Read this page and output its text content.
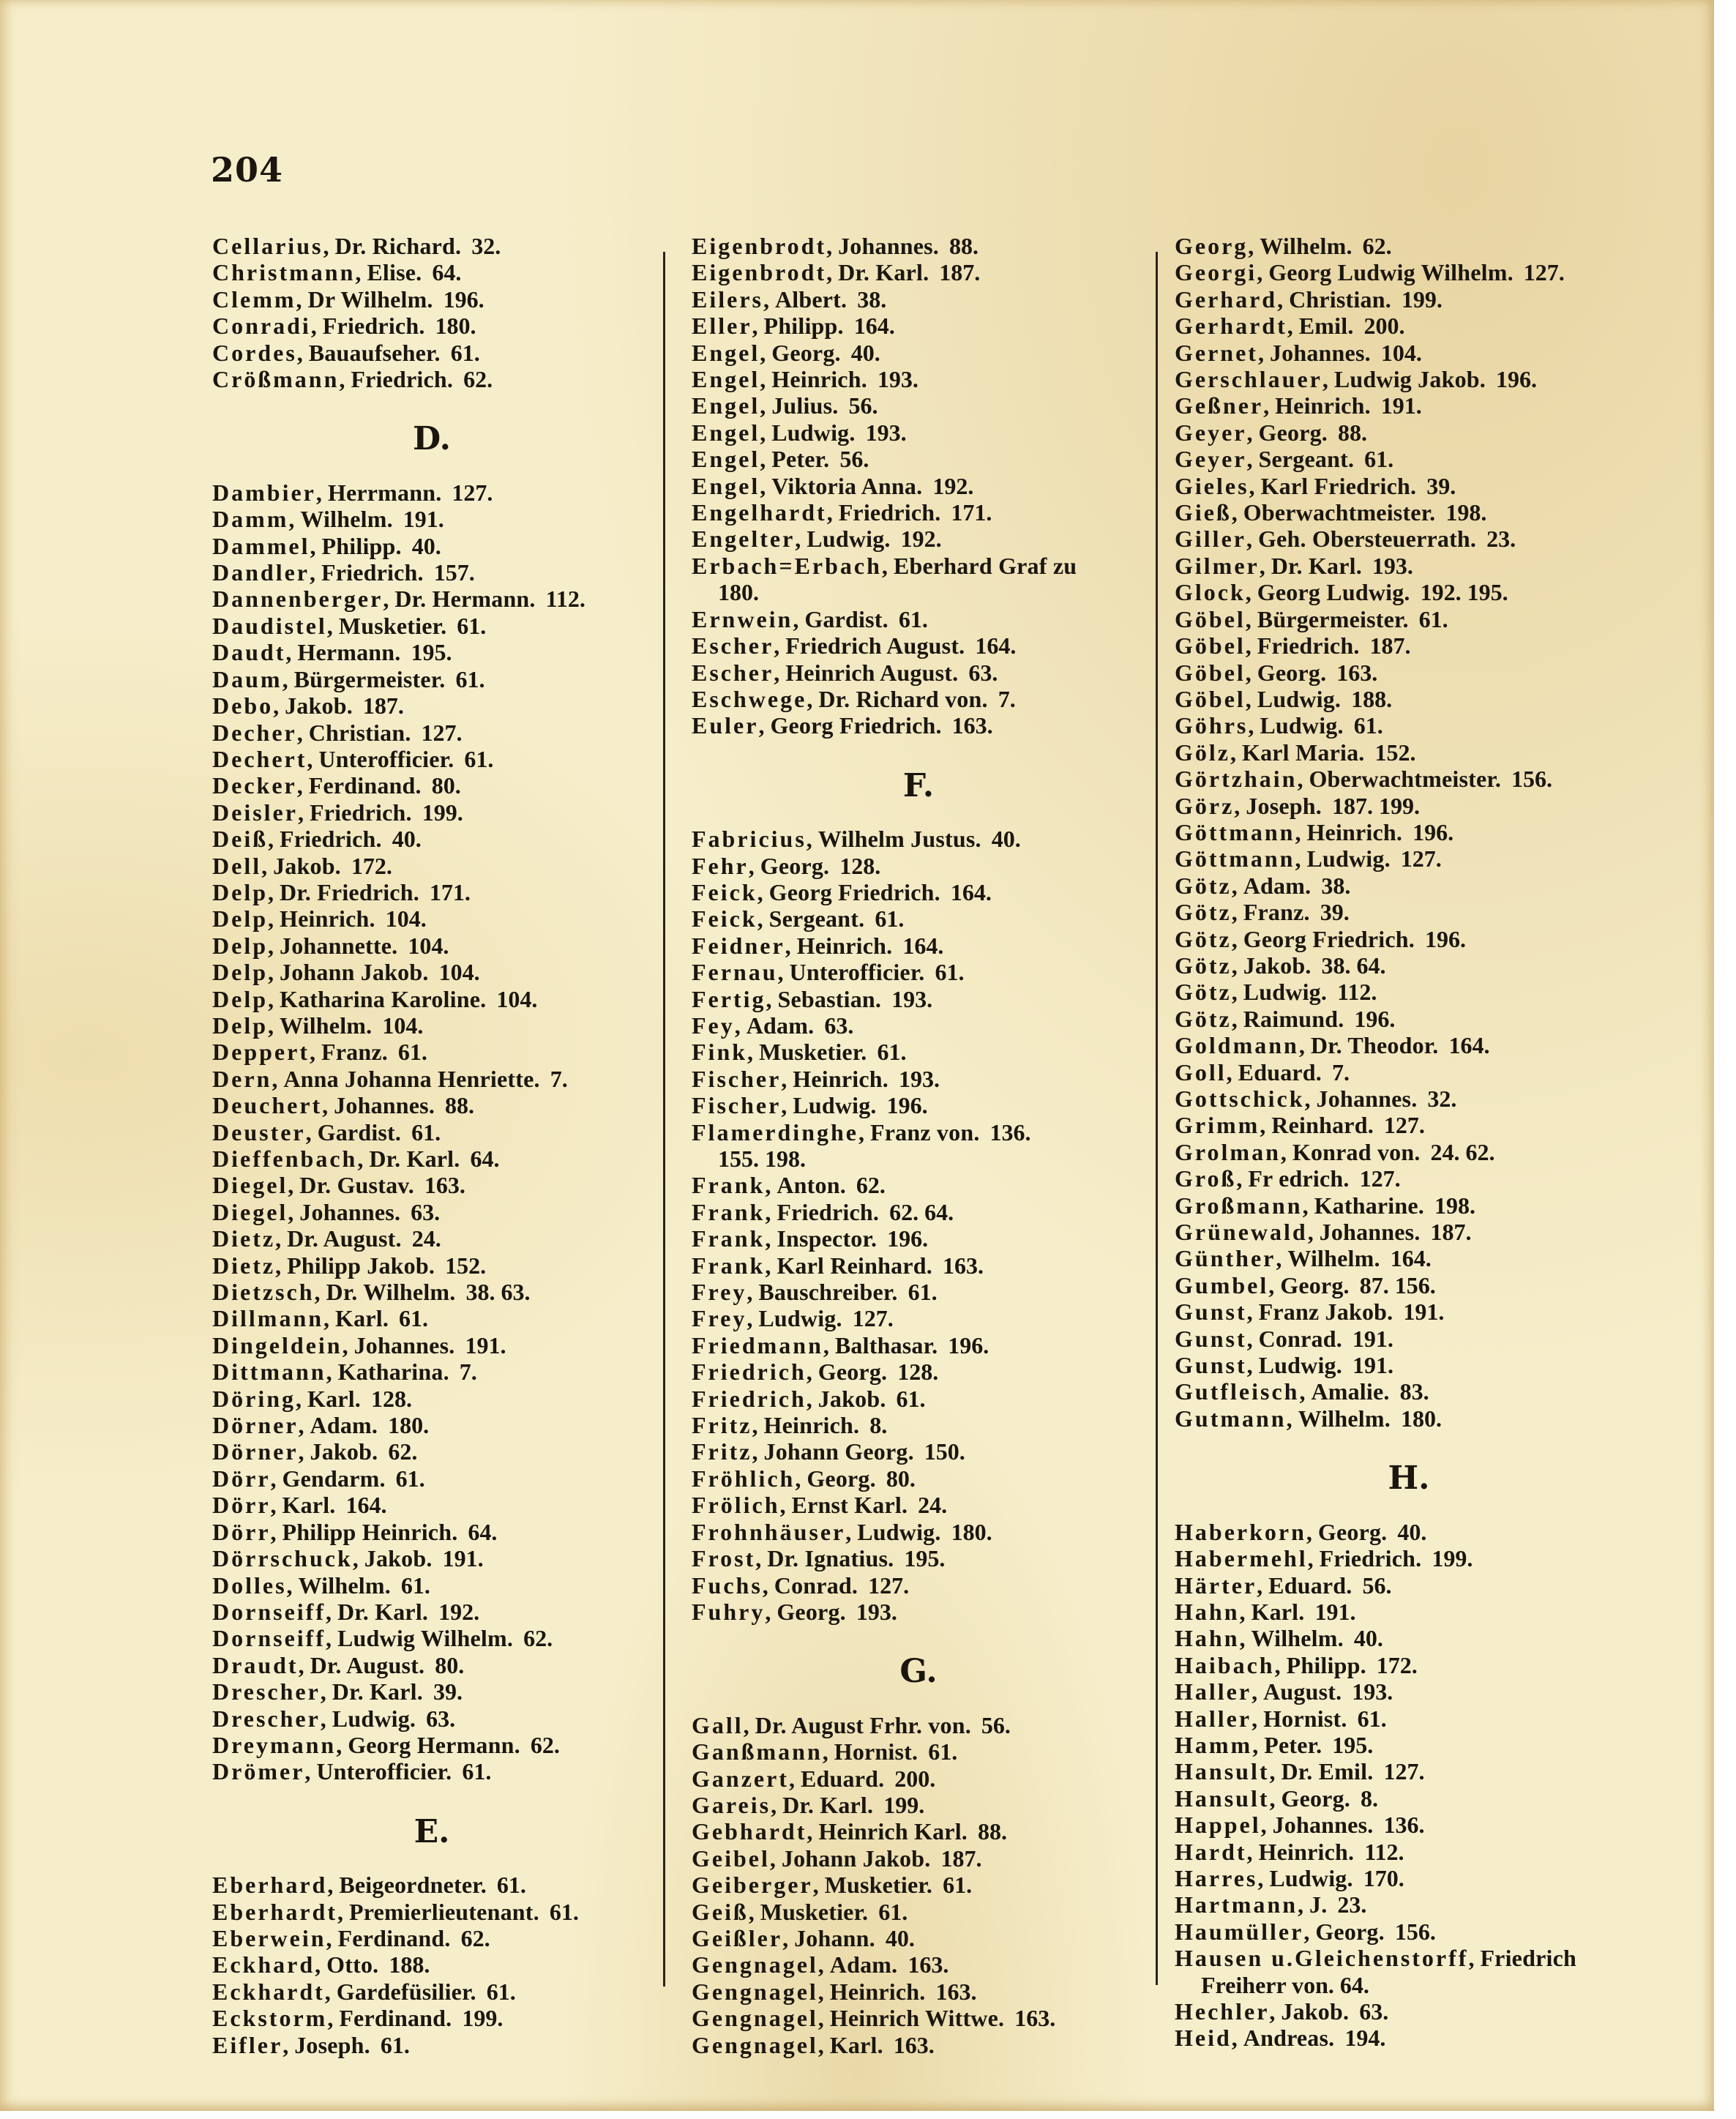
204
Cellarius, Dr. Richard. 32.
Christmann, Elise. 64.
Clemm, Dr Wilhelm. 196.
Conradi, Friedrich. 180.
Cordes, Bauaufseher. 61.
Crößmann, Friedrich. 62.
D.
Dambier, Herrmann. 127.
Damm, Wilhelm. 191.
Dammel, Philipp. 40.
Dandler, Friedrich. 157.
Dannenberger, Dr. Hermann. 112.
Daudistel, Musketier. 61.
Daudt, Hermann. 195.
Daum, Bürgermeister. 61.
Debo, Jakob. 187.
Decher, Christian. 127.
Dechert, Unterofficier. 61.
Decker, Ferdinand. 80.
Deisler, Friedrich. 199.
Deiß, Friedrich. 40.
Dell, Jakob. 172.
Delp, Dr. Friedrich. 171.
Delp, Heinrich. 104.
Delp, Johannette. 104.
Delp, Johann Jakob. 104.
Delp, Katharina Karoline. 104.
Delp, Wilhelm. 104.
Deppert, Franz. 61.
Dern, Anna Johanna Henriette. 7.
Deuchert, Johannes. 88.
Deuster, Gardist. 61.
Dieffenbach, Dr. Karl. 64.
Diegel, Dr. Gustav. 163.
Diegel, Johannes. 63.
Dietz, Dr. August. 24.
Dietz, Philipp Jakob. 152.
Dietzsch, Dr. Wilhelm. 38. 63.
Dillmann, Karl. 61.
Dingeldein, Johannes. 191.
Dittmann, Katharina. 7.
Döring, Karl. 128.
Dörner, Adam. 180.
Dörner, Jakob. 62.
Dörr, Gendarm. 61.
Dörr, Karl. 164.
Dörr, Philipp Heinrich. 64.
Dörrschuck, Jakob. 191.
Dolles, Wilhelm. 61.
Dornseiff, Dr. Karl. 192.
Dornseiff, Ludwig Wilhelm. 62.
Draudt, Dr. August. 80.
Drescher, Dr. Karl. 39.
Drescher, Ludwig. 63.
Dreymann, Georg Hermann. 62.
Drömer, Unterofficier. 61.
E.
Eberhard, Beigeordneter. 61.
Eberhardt, Premierlieutenant. 61.
Eberwein, Ferdinand. 62.
Eckhard, Otto. 188.
Eckhardt, Gardefüsilier. 61.
Eckstorm, Ferdinand. 199.
Eifler, Joseph. 61.
Eigenbrodt, Johannes. 88.
Eigenbrodt, Dr. Karl. 187.
Eilers, Albert. 38.
Eller, Philipp. 164.
Engel, Georg. 40.
Engel, Heinrich. 193.
Engel, Julius. 56.
Engel, Ludwig. 193.
Engel, Peter. 56.
Engel, Viktoria Anna. 192.
Engelhardt, Friedrich. 171.
Engelter, Ludwig. 192.
Erbach=Erbach, Eberhard Graf zu
180.
Ernwein, Gardist. 61.
Escher, Friedrich August. 164.
Escher, Heinrich August. 63.
Eschwege, Dr. Richard von. 7.
Euler, Georg Friedrich. 163.
F.
Fabricius, Wilhelm Justus. 40.
Fehr, Georg. 128.
Feick, Georg Friedrich. 164.
Feick, Sergeant. 61.
Feidner, Heinrich. 164.
Fernau, Unterofficier. 61.
Fertig, Sebastian. 193.
Fey, Adam. 63.
Fink, Musketier. 61.
Fischer, Heinrich. 193.
Fischer, Ludwig. 196.
Flamerdinghe, Franz von. 136.
155. 198.
Frank, Anton. 62.
Frank, Friedrich. 62. 64.
Frank, Inspector. 196.
Frank, Karl Reinhard. 163.
Frey, Bauschreiber. 61.
Frey, Ludwig. 127.
Friedmann, Balthasar. 196.
Friedrich, Georg. 128.
Friedrich, Jakob. 61.
Fritz, Heinrich. 8.
Fritz, Johann Georg. 150.
Fröhlich, Georg. 80.
Frölich, Ernst Karl. 24.
Frohnhäuser, Ludwig. 180.
Frost, Dr. Ignatius. 195.
Fuchs, Conrad. 127.
Fuhry, Georg. 193.
G.
Gall, Dr. August Frhr. von. 56.
Ganßmann, Hornist. 61.
Ganzert, Eduard. 200.
Gareis, Dr. Karl. 199.
Gebhardt, Heinrich Karl. 88.
Geibel, Johann Jakob. 187.
Geiberger, Musketier. 61.
Geiß, Musketier. 61.
Geißler, Johann. 40.
Gengnagel, Adam. 163.
Gengnagel, Heinrich. 163.
Gengnagel, Heinrich Wittwe. 163.
Gengnagel, Karl. 163.
Georg, Wilhelm. 62.
Georgi, Georg Ludwig Wilhelm. 127.
Gerhard, Christian. 199.
Gerhardt, Emil. 200.
Gernet, Johannes. 104.
Gerschlauer, Ludwig Jakob. 196.
Geßner, Heinrich. 191.
Geyer, Georg. 88.
Geyer, Sergeant. 61.
Gieles, Karl Friedrich. 39.
Gieß, Oberwachtmeister. 198.
Giller, Geh. Obersteuerrath. 23.
Gilmer, Dr. Karl. 193.
Glock, Georg Ludwig. 192. 195.
Göbel, Bürgermeister. 61.
Göbel, Friedrich. 187.
Göbel, Georg. 163.
Göbel, Ludwig. 188.
Göhrs, Ludwig. 61.
Gölz, Karl Maria. 152.
Görtzhain, Oberwachtmeister. 156.
Görz, Joseph. 187. 199.
Göttmann, Heinrich. 196.
Göttmann, Ludwig. 127.
Götz, Adam. 38.
Götz, Franz. 39.
Götz, Georg Friedrich. 196.
Götz, Jakob. 38. 64.
Götz, Ludwig. 112.
Götz, Raimund. 196.
Goldmann, Dr. Theodor. 164.
Goll, Eduard. 7.
Gottschick, Johannes. 32.
Grimm, Reinhard. 127.
Grolman, Konrad von. 24. 62.
Groß, Fr edrich. 127.
Großmann, Katharine. 198.
Grünewald, Johannes. 187.
Günther, Wilhelm. 164.
Gumbel, Georg. 87. 156.
Gunst, Franz Jakob. 191.
Gunst, Conrad. 191.
Gunst, Ludwig. 191.
Gutfleisch, Amalie. 83.
Gutmann, Wilhelm. 180.
H.
Haberkorn, Georg. 40.
Habermehl, Friedrich. 199.
Härter, Eduard. 56.
Hahn, Karl. 191.
Hahn, Wilhelm. 40.
Haibach, Philipp. 172.
Haller, August. 193.
Haller, Hornist. 61.
Hamm, Peter. 195.
Hansult, Dr. Emil. 127.
Hansult, Georg. 8.
Happel, Johannes. 136.
Hardt, Heinrich. 112.
Harres, Ludwig. 170.
Hartmann, J. 23.
Haumüller, Georg. 156.
Hausen u.Gleichenstorff, Friedrich
Freiherr von. 64.
Hechler, Jakob. 63.
Heid, Andreas. 194.
